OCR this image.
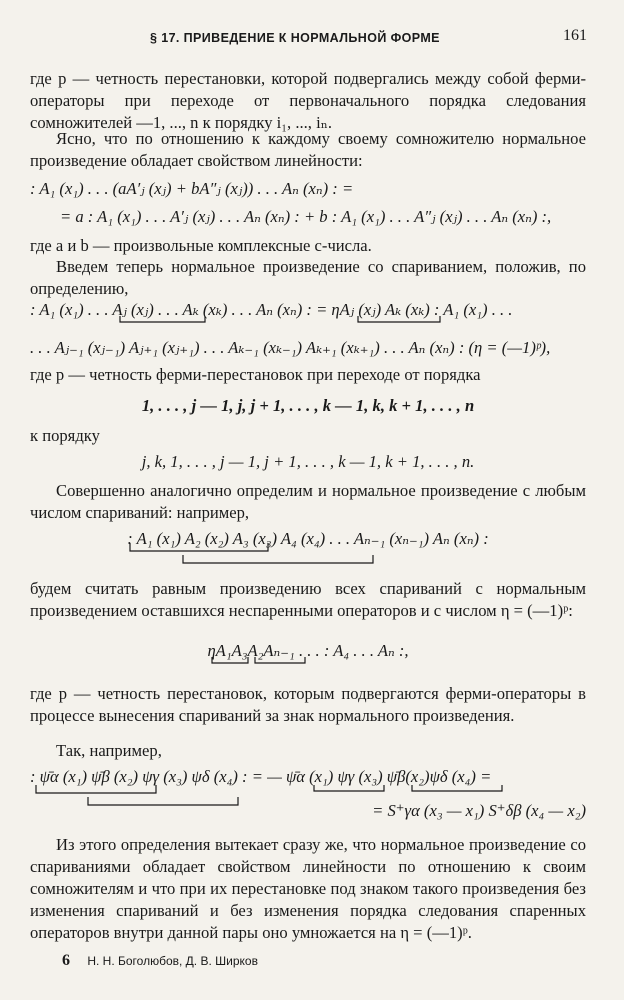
§ 17. ПРИВЕДЕНИЕ К НОРМАЛЬНОЙ ФОРМЕ	161
где p — четность перестановки, которой подвергались между собой ферми-операторы при переходе от первоначального порядка следования сомножителей —1, ..., n к порядку i₁, ..., iₙ.
Ясно, что по отношению к каждому своему сомножителю нормальное произведение обладает свойством линейности:
: A₁ (x₁) . . . (aA′ⱼ (xⱼ) + bA″ⱼ (xⱼ)) . . . Aₙ (xₙ) : =
= a : A₁ (x₁) . . . A′ⱼ (xⱼ) . . . Aₙ (xₙ) : + b : A₁ (x₁) . . . A″ⱼ (xⱼ) . . . Aₙ (xₙ) :,
где a и b — произвольные комплексные c-числа.
Введем теперь нормальное произведение со спариванием, положив, по определению,
: A₁ (x₁) . . . Aⱼ (xⱼ) . . . Aₖ (xₖ) . . . Aₙ (xₙ) : = ηAⱼ (xⱼ) Aₖ (xₖ) : A₁ (x₁) . . .
. . . Aⱼ₋₁ (xⱼ₋₁) Aⱼ₊₁ (xⱼ₊₁) . . . Aₖ₋₁ (xₖ₋₁) Aₖ₊₁ (xₖ₊₁) . . . Aₙ (xₙ) : (η = (—1)ᵖ),
где p — четность ферми-перестановок при переходе от порядка
1, . . . , j — 1, j, j + 1, . . . , k — 1, k, k + 1, . . . , n
к порядку
j, k, 1, . . . , j — 1, j + 1, . . . , k — 1, k + 1, . . . , n.
Совершенно аналогично определим и нормальное произведение с любым числом спариваний: например,
: A₁ (x₁) A₂ (x₂) A₃ (x₃) A₄ (x₄) . . . Aₙ₋₁ (xₙ₋₁) Aₙ (xₙ) :
будем считать равным произведению всех спариваний с нормальным произведением оставшихся неспаренными операторов и с числом η = (—1)ᵖ:
ηA₁A₃A₂Aₙ₋₁ . . . : A₄ . . . Aₙ :,
где p — четность перестановок, которым подвергаются ферми-операторы в процессе вынесения спариваний за знак нормального произведения.
Так, например,
: ψ̄α (x₁) ψ̄β (x₂) ψγ (x₃) ψδ (x₄) : = — ψ̄α (x₁) ψγ (x₃) ψ̄β(x₂)ψδ (x₄) =
= S⁺γα (x₃ — x₁) S⁺δβ (x₄ — x₂)
Из этого определения вытекает сразу же, что нормальное произведение со спариваниями обладает свойством линейности по отношению к своим сомножителям и что при их перестановке под знаком такого произведения без изменения спариваний и без изменения порядка следования спаренных операторов внутри данной пары оно умножается на η = (—1)ᵖ.
6 Н. Н. Боголюбов, Д. В. Ширков
